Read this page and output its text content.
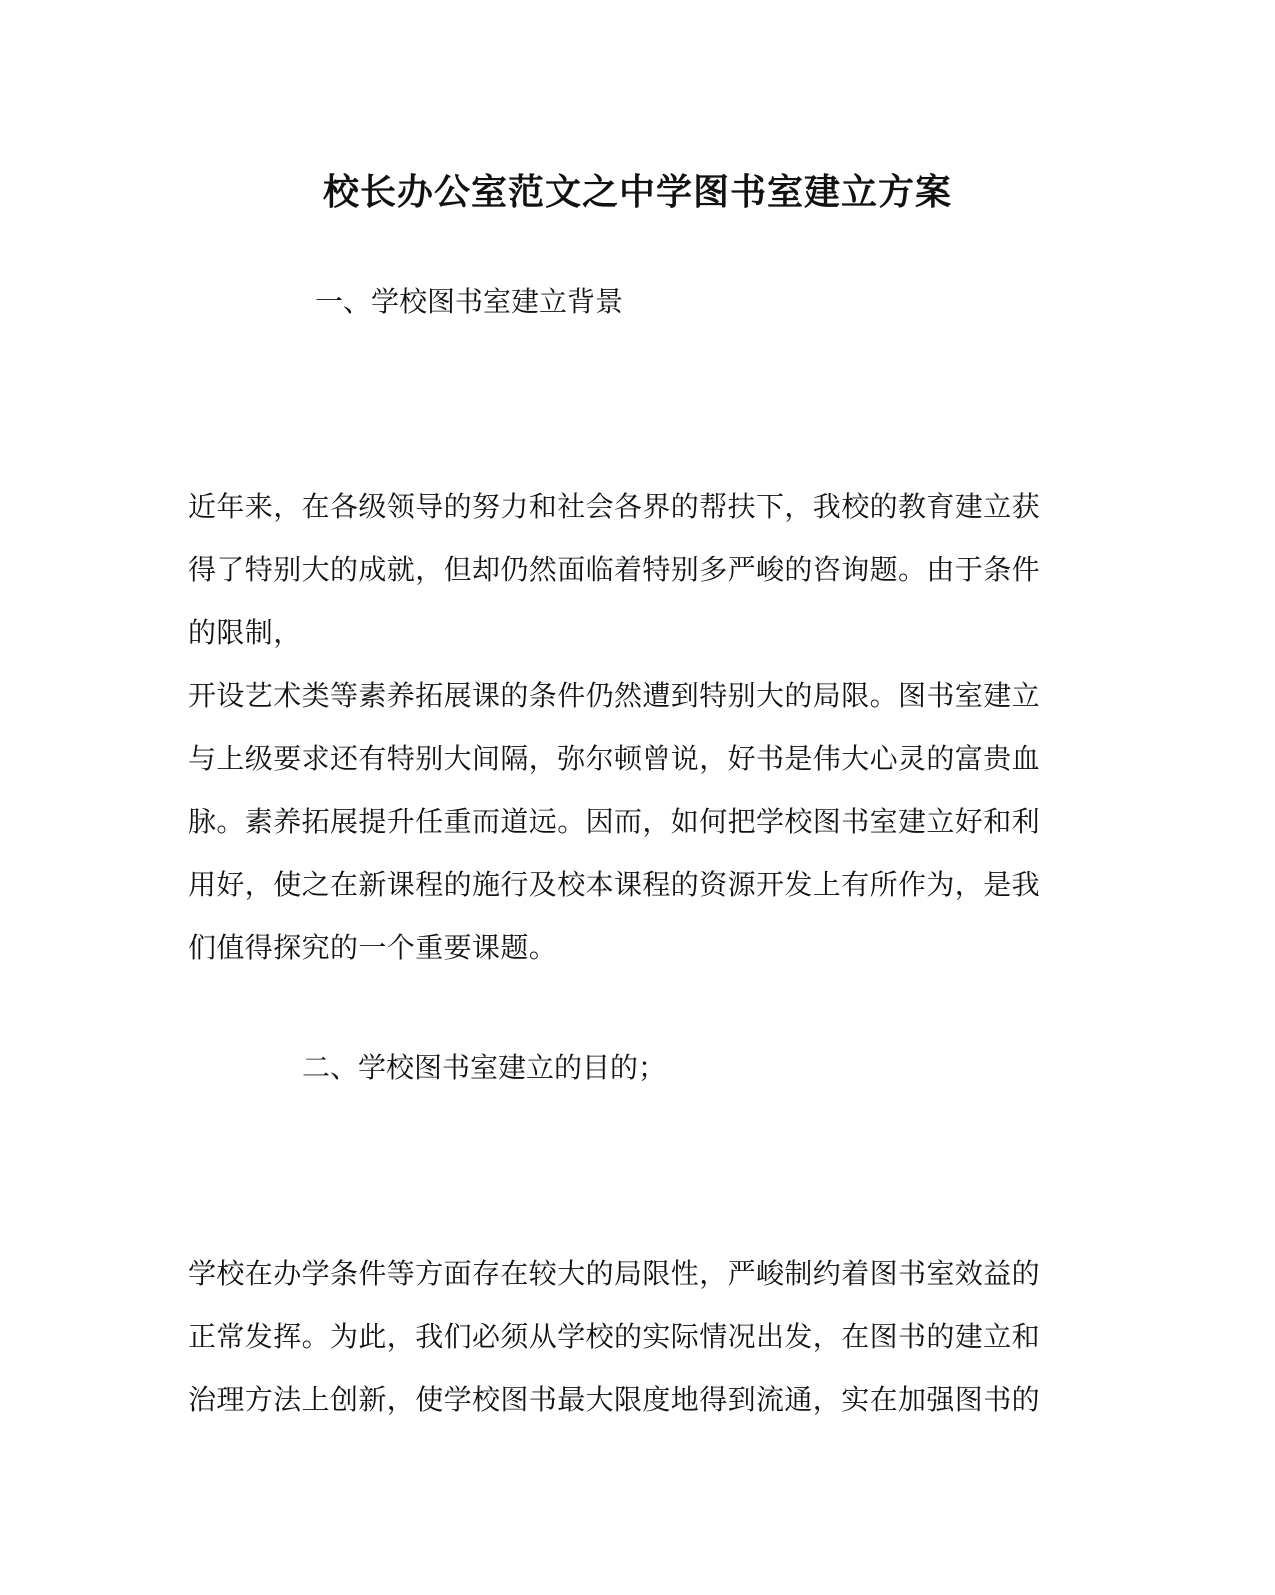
校长办公室范文之中学图书室建立方案
一、学校图书室建立背景
近年来，在各级领导的努力和社会各界的帮扶下，我校的教育建立获
得了特别大的成就，但却仍然面临着特别多严峻的咨询题。由于条件
的限制，
开设艺术类等素养拓展课的条件仍然遭到特别大的局限。图书室建立
与上级要求还有特别大间隔，弥尔顿曾说，好书是伟大心灵的富贵血
脉。素养拓展提升任重而道远。因而，如何把学校图书室建立好和利
用好，使之在新课程的施行及校本课程的资源开发上有所作为，是我
们值得探究的一个重要课题。
二、学校图书室建立的目的；
学校在办学条件等方面存在较大的局限性，严峻制约着图书室效益的
正常发挥。为此，我们必须从学校的实际情况出发，在图书的建立和
治理方法上创新，使学校图书最大限度地得到流通，实在加强图书的
